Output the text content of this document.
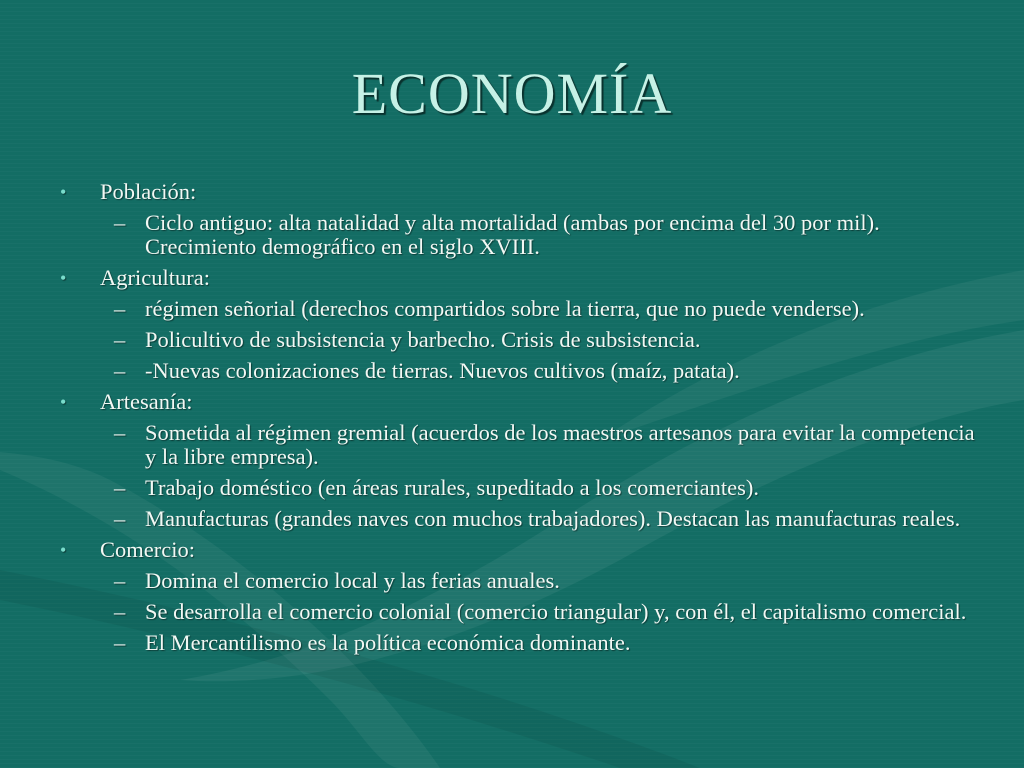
ECONOMÍA
•	Población:
– Ciclo antiguo: alta natalidad y alta mortalidad (ambas por encima del 30 por mil). Crecimiento demográfico en el siglo XVIII.
•	Agricultura:
– régimen señorial (derechos compartidos sobre la tierra, que no puede venderse).
– Policultivo de subsistencia y barbecho. Crisis de subsistencia.
– -Nuevas colonizaciones de tierras. Nuevos cultivos (maíz, patata).
•	Artesanía:
– Sometida al régimen gremial (acuerdos de los maestros artesanos para evitar la competencia y la libre empresa).
– Trabajo doméstico (en áreas rurales, supeditado a los comerciantes).
– Manufacturas (grandes naves con muchos trabajadores). Destacan las manufacturas reales.
•	Comercio:
– Domina el comercio local y las ferias anuales.
– Se desarrolla el comercio colonial (comercio triangular) y, con él, el capitalismo comercial.
– El Mercantilismo es la política económica dominante.
